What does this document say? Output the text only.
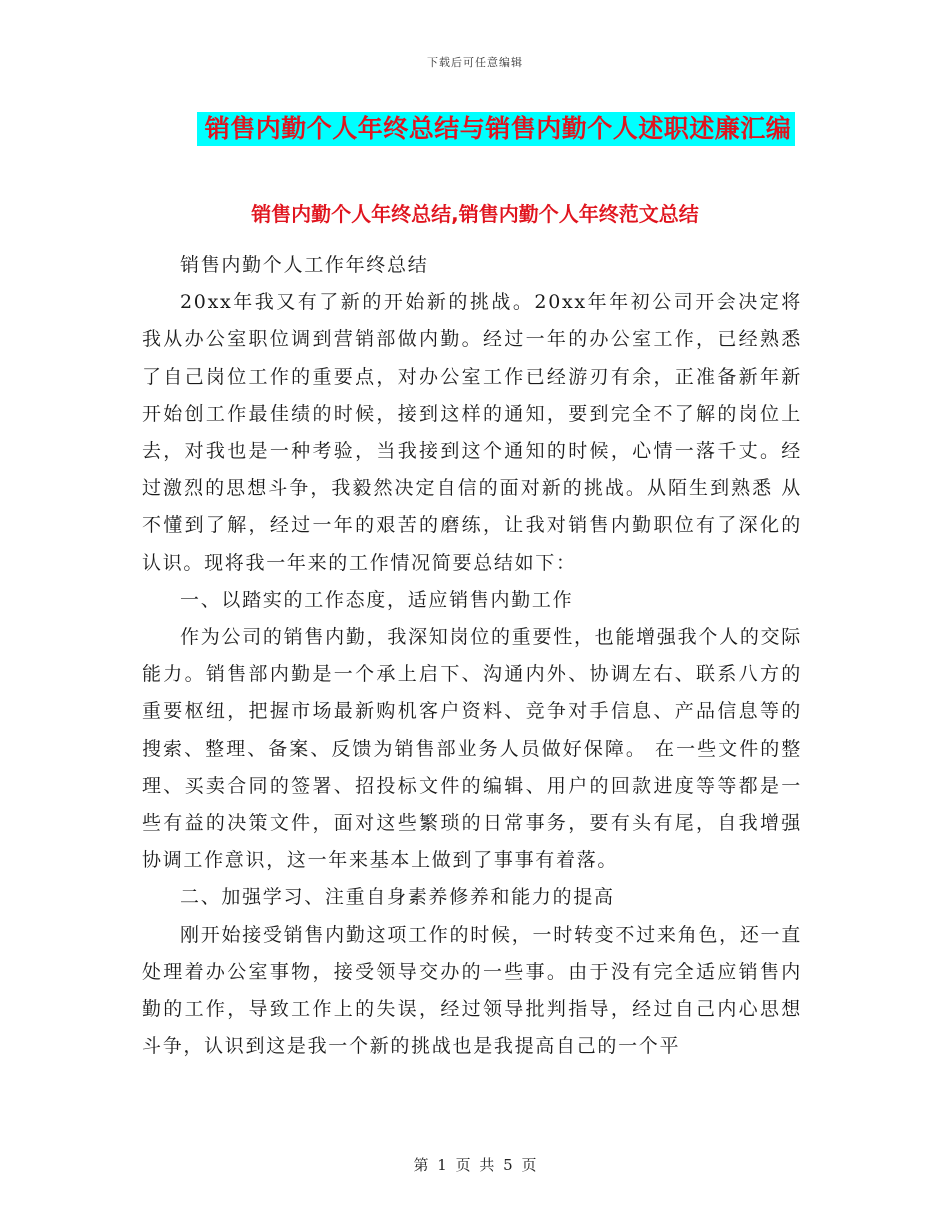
下载后可任意编辑
销售内勤个人年终总结与销售内勤个人述职述廉汇编
销售内勤个人年终总结,销售内勤个人年终范文总结

销售内勤个人工作年终总结

20xx年我又有了新的开始新的挑战。20xx年年初公司开会决定将我从办公室职位调到营销部做内勤。经过一年的办公室工作，已经熟悉了自己岗位工作的重要点，对办公室工作已经游刃有余，正准备新年新开始创工作最佳绩的时候，接到这样的通知，要到完全不了解的岗位上去，对我也是一种考验，当我接到这个通知的时候，心情一落千丈。经过激烈的思想斗争，我毅然决定自信的面对新的挑战。从陌生到熟悉 从不懂到了解，经过一年的艰苦的磨练，让我对销售内勤职位有了深化的认识。现将我一年来的工作情况简要总结如下：

一、以踏实的工作态度，适应销售内勤工作

作为公司的销售内勤，我深知岗位的重要性，也能增强我个人的交际能力。销售部内勤是一个承上启下、沟通内外、协调左右、联系八方的重要枢纽，把握市场最新购机客户资料、竞争对手信息、产品信息等的搜索、整理、备案、反馈为销售部业务人员做好保障。 在一些文件的整理、买卖合同的签署、招投标文件的编辑、用户的回款进度等等都是一些有益的决策文件，面对这些繁琐的日常事务，要有头有尾，自我增强协调工作意识，这一年来基本上做到了事事有着落。

二、加强学习、注重自身素养修养和能力的提高

刚开始接受销售内勤这项工作的时候，一时转变不过来角色，还一直处理着办公室事物，接受领导交办的一些事。由于没有完全适应销售内勤的工作，导致工作上的失误，经过领导批判指导，经过自己内心思想斗争，认识到这是我一个新的挑战也是我提高自己的一个平

第 1 页 共 5 页
